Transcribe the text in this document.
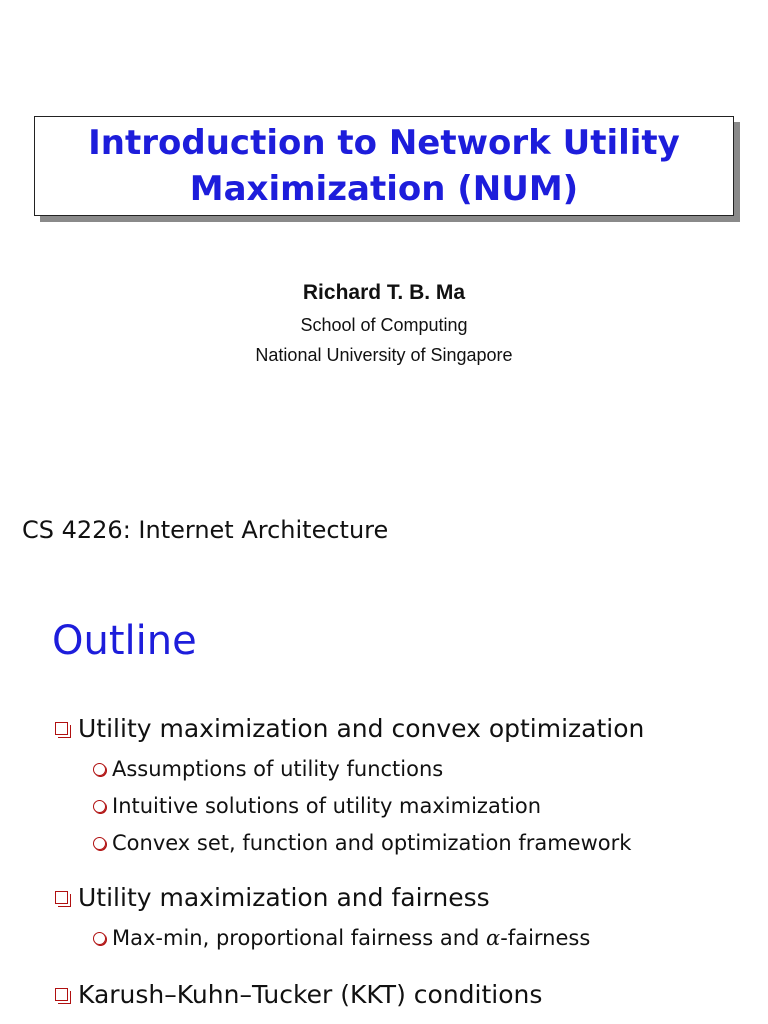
Introduction to Network Utility
Maximization (NUM)
Richard T. B. Ma
School of Computing
National University of Singapore
CS 4226: Internet Architecture
Outline
Utility maximization and convex optimization
Assumptions of utility functions
Intuitive solutions of utility maximization
Convex set, function and optimization framework
Utility maximization and fairness
Max-min, proportional fairness and α-fairness
Karush–Kuhn–Tucker (KKT) conditions
